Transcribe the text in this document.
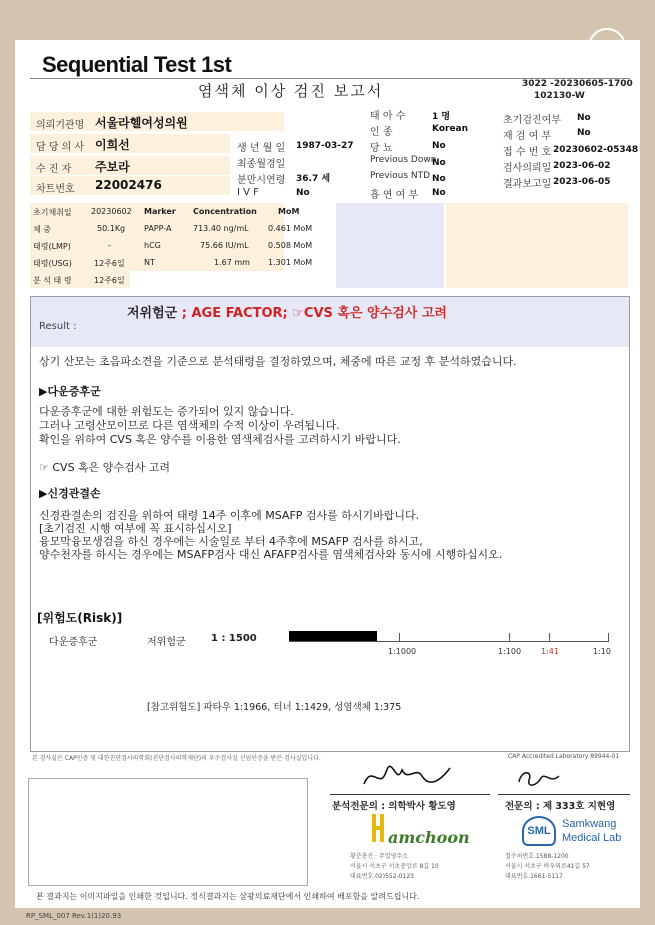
SML
Sequential Test 1st
염색체 이상 검진 보고서	3022 -20230605-1700
102130-W
의뢰기관명 서울라헬여성의원
담 당 의 사 이희선
수 진 자 주보라
차트번호 22002476
생 년 월 일 1987-03-27
최종월경일
분만시연령 36.7 세
I V F	No
태 아 수	1 명
인 종	Korean
당 뇨	No
Previous Down
No
Previous NTD No
흡 연 여 부 No
초기검진여부 No
재 검 여 부	No
접 수 번 호 20230602-05348
검사의뢰일 2023-06-02
결과보고일 2023-06-05
초기채취일 20230602
체 중	50.1Kg
태령(LMP)	-
태령(USG)	12주6일
분 석 태 령	12주6일
Marker Concentration	MoM
PAPP-A	713.40 ng/mL 0.461 MoM
hCG	75.66 IU/mL 0.508 MoM
NT	1.67 mm 1.301 MoM
Result :
저위험군 ; AGE FACTOR; ☞CVS 혹은 양수검사 고려
상기 산모는 초음파소견을 기준으로 분석태령을 결정하였으며, 체중에 따른 교정 후 분석하였습니다.
▶다운증후군
다운증후군에 대한 위험도는 증가되어 있지 않습니다.
그러나 고령산모이므로 다른 염색체의 수적 이상이 우려됩니다.
확인을 위하여 CVS 혹은 양수를 이용한 염색체검사를 고려하시기 바랍니다.
☞ CVS 혹은 양수검사 고려
▶신경관결손
신경관결손의 검진을 위하여 태령 14주 이후에 MSAFP 검사를 하시기바랍니다.
[초기검진 시행 여부에 꼭 표시하십시오]
융모막융모생검을 하신 경우에는 시술일로 부터 4주후에 MSAFP 검사를 하시고,
양수천자를 하시는 경우에는 MSAFP검사 대신 AFAFP검사를 염색체검사와 동시에 시행하십시오.
[위험도(Risk)]
다운증후군	저위험군	1 : 1500
1:1000	1:100 1:41	1:10
[참고위험도] 파타우 1:1966, 터너 1:1429, 성염색체 1:375
본 검사실은 CAP인증 및 대한진단검사의학회(진단검사의학재단)의 우수검사실 신임인증을 받은 검사실입니다.	CAP Accredited Laboratory 89944-01
분석전문의 : 의학박사 황도영	전문의 : 제 333호 지현영
amchoon
황춘총진 · 주업영주소
서울시 서초구 서초중앙로 8길 10
대표번호.02)552-0123
SML
Samkwang
Medical Lab
접수처번호.1588-1200
서울시 서초구 바우뫼로41길 57
대표번호.1661-5117
본 결과지는 이미지파일을 인쇄한 것입니다. 정식결과지는 삼광의료재단에서 인쇄하여 배포함을 알려드립니다.
RP_SML_007 Rev.1(1)20.93
